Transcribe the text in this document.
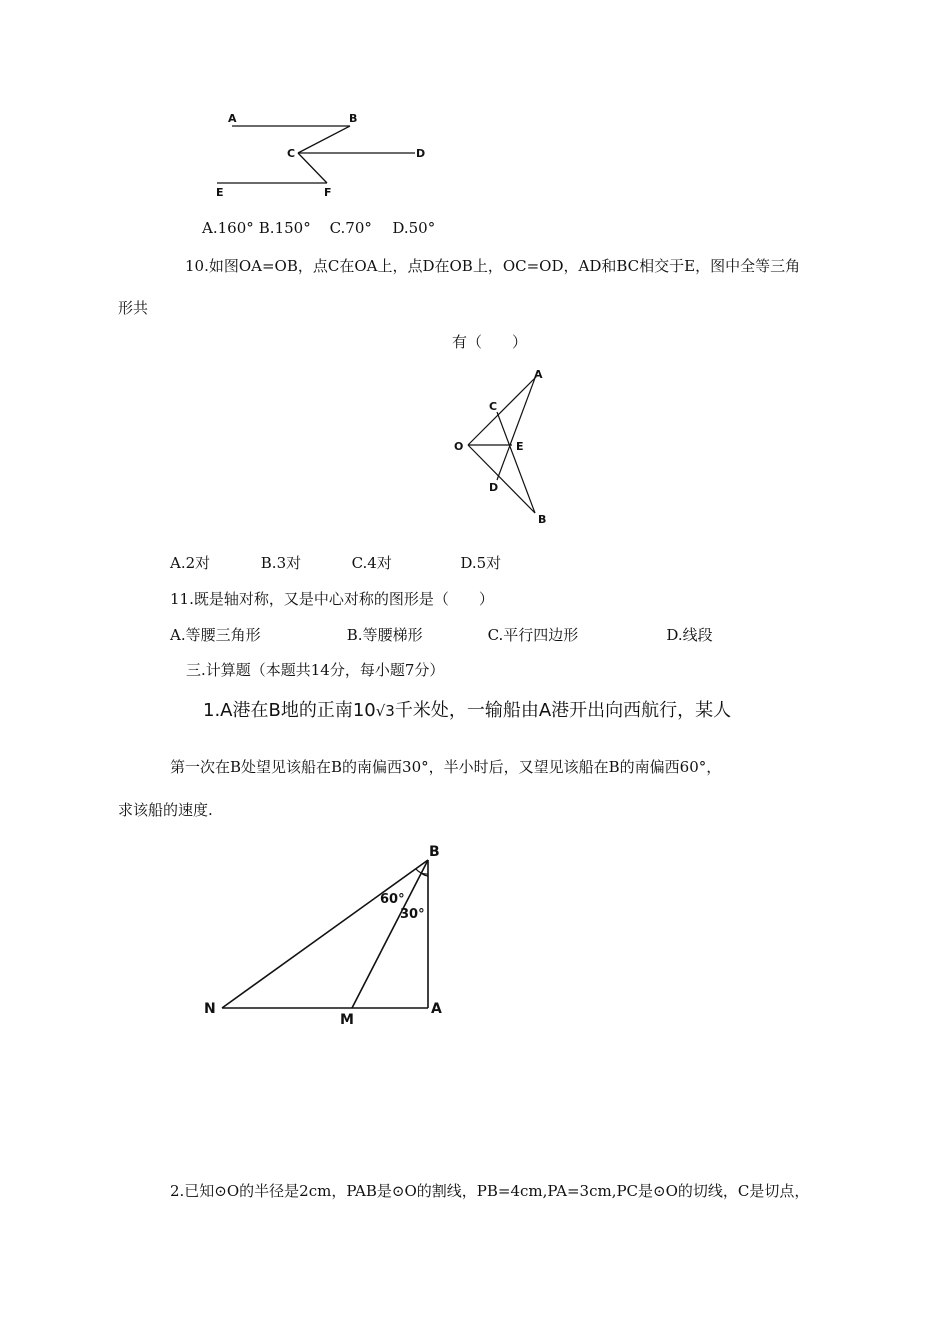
A	B
C	D
E	F
A.160° B.150° C.70° D.50°
10.如图OA=OB，点C在OA上，点D在OB上，OC=OD，AD和BC相交于E，图中全等三角
形共
有（　　）
A
C
O	E
D
B
A.2对	B.3对	C.4对	D.5对
11.既是轴对称，又是中心对称的图形是（　　）
A.等腰三角形	B.等腰梯形	C.平行四边形	D.线段
三.计算题（本题共14分，每小题7分）
1.A港在B地的正南10√3千米处，一输船由A港开出向西航行，某人
第一次在B处望见该船在B的南偏西30°，半小时后，又望见该船在B的南偏西60°，
求该船的速度.
B
60°
30°
N
M
A
2.已知⊙O的半径是2cm，PAB是⊙O的割线，PB=4cm,PA=3cm,PC是⊙O的切线，C是切点，
